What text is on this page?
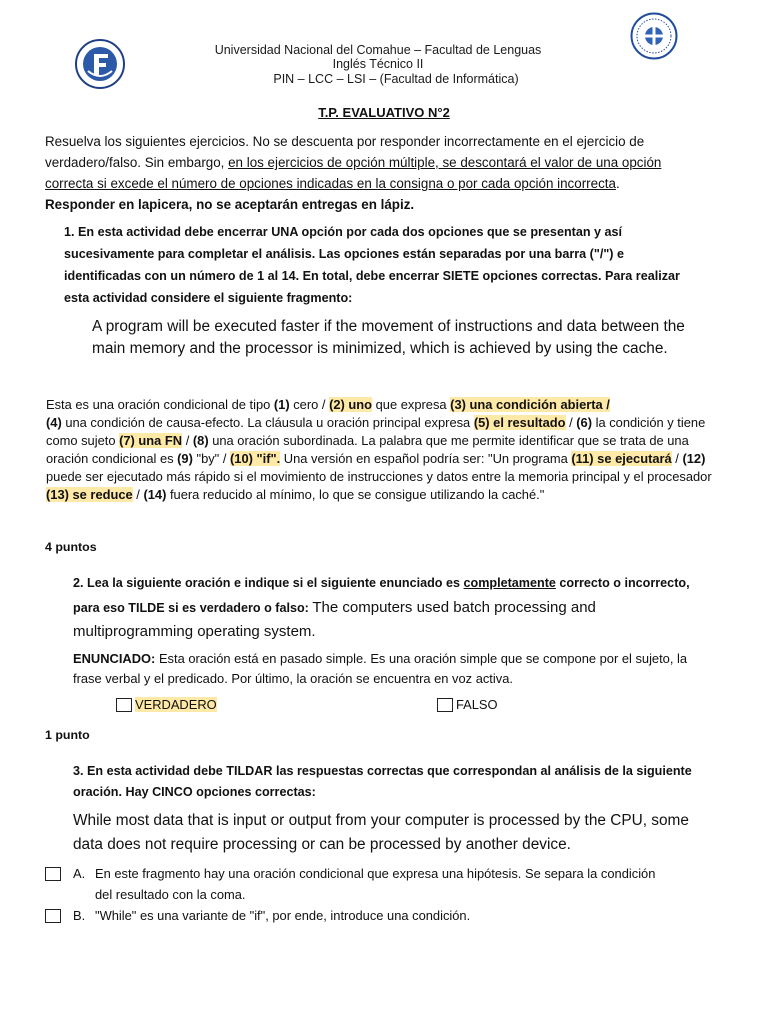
Universidad Nacional del Comahue – Facultad de Lenguas
Inglés Técnico II
PIN – LCC – LSI – (Facultad de Informática)
T.P. EVALUATIVO N°2
Resuelva los siguientes ejercicios. No se descuenta por responder incorrectamente en el ejercicio de verdadero/falso. Sin embargo, en los ejercicios de opción múltiple, se descontará el valor de una opción correcta si excede el número de opciones indicadas en la consigna o por cada opción incorrecta. Responder en lapicera, no se aceptarán entregas en lápiz.
1. En esta actividad debe encerrar UNA opción por cada dos opciones que se presentan y así sucesivamente para completar el análisis. Las opciones están separadas por una barra ("/") e identificadas con un número de 1 al 14. En total, debe encerrar SIETE opciones correctas. Para realizar esta actividad considere el siguiente fragmento:
A program will be executed faster if the movement of instructions and data between the main memory and the processor is minimized, which is achieved by using the cache.
Esta es una oración condicional de tipo (1) cero / (2) uno que expresa (3) una condición abierta /
(4) una condición de causa-efecto. La cláusula u oración principal expresa (5) el resultado / (6) la condición y tiene como sujeto (7) una FN / (8) una oración subordinada. La palabra que me permite identificar que se trata de una oración condicional es (9) "by" / (10) "if". Una versión en español podría ser: "Un programa (11) se ejecutará / (12) puede ser ejecutado más rápido si el movimiento de instrucciones y datos entre la memoria principal y el procesador (13) se reduce / (14) fuera reducido al mínimo, lo que se consigue utilizando la caché."
4 puntos
2. Lea la siguiente oración e indique si el siguiente enunciado es completamente correcto o incorrecto, para eso TILDE si es verdadero o falso: The computers used batch processing and multiprogramming operating system.
ENUNCIADO: Esta oración está en pasado simple. Es una oración simple que se compone por el sujeto, la frase verbal y el predicado. Por último, la oración se encuentra en voz activa.
VERDADERO	FALSO
1 punto
3. En esta actividad debe TILDAR las respuestas correctas que correspondan al análisis de la siguiente oración. Hay CINCO opciones correctas:
While most data that is input or output from your computer is processed by the CPU, some data does not require processing or can be processed by another device.
A. En este fragmento hay una oración condicional que expresa una hipótesis. Se separa la condición del resultado con la coma.
B. "While" es una variante de "if", por ende, introduce una condición.
